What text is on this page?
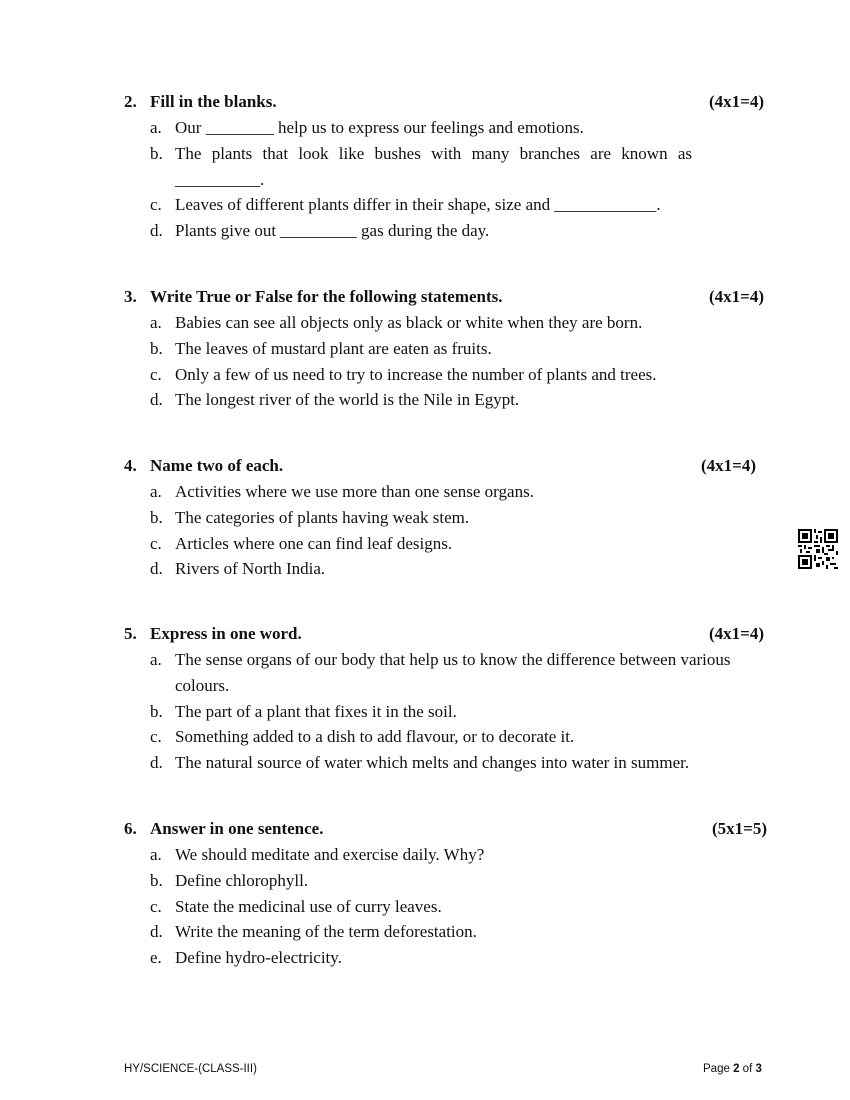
2. Fill in the blanks.	(4x1=4)
a. Our ________ help us to express our feelings and emotions.
b. The plants that look like bushes with many branches are known as __________.
c. Leaves of different plants differ in their shape, size and ____________.
d. Plants give out _________ gas during the day.
3. Write True or False for the following statements.	(4x1=4)
a. Babies can see all objects only as black or white when they are born.
b. The leaves of mustard plant are eaten as fruits.
c. Only a few of us need to try to increase the number of plants and trees.
d. The longest river of the world is the Nile in Egypt.
4. Name two of each.	(4x1=4)
a. Activities where we use more than one sense organs.
b. The categories of plants having weak stem.
c. Articles where one can find leaf designs.
d. Rivers of North India.
5. Express in one word.	(4x1=4)
a. The sense organs of our body that help us to know the difference between various colours.
b. The part of a plant that fixes it in the soil.
c. Something added to a dish to add flavour, or to decorate it.
d. The natural source of water which melts and changes into water in summer.
6. Answer in one sentence.	(5x1=5)
a. We should meditate and exercise daily. Why?
b. Define chlorophyll.
c. State the medicinal use of curry leaves.
d. Write the meaning of the term deforestation.
e. Define hydro-electricity.
HY/SCIENCE-(CLASS-III)	Page 2 of 3
